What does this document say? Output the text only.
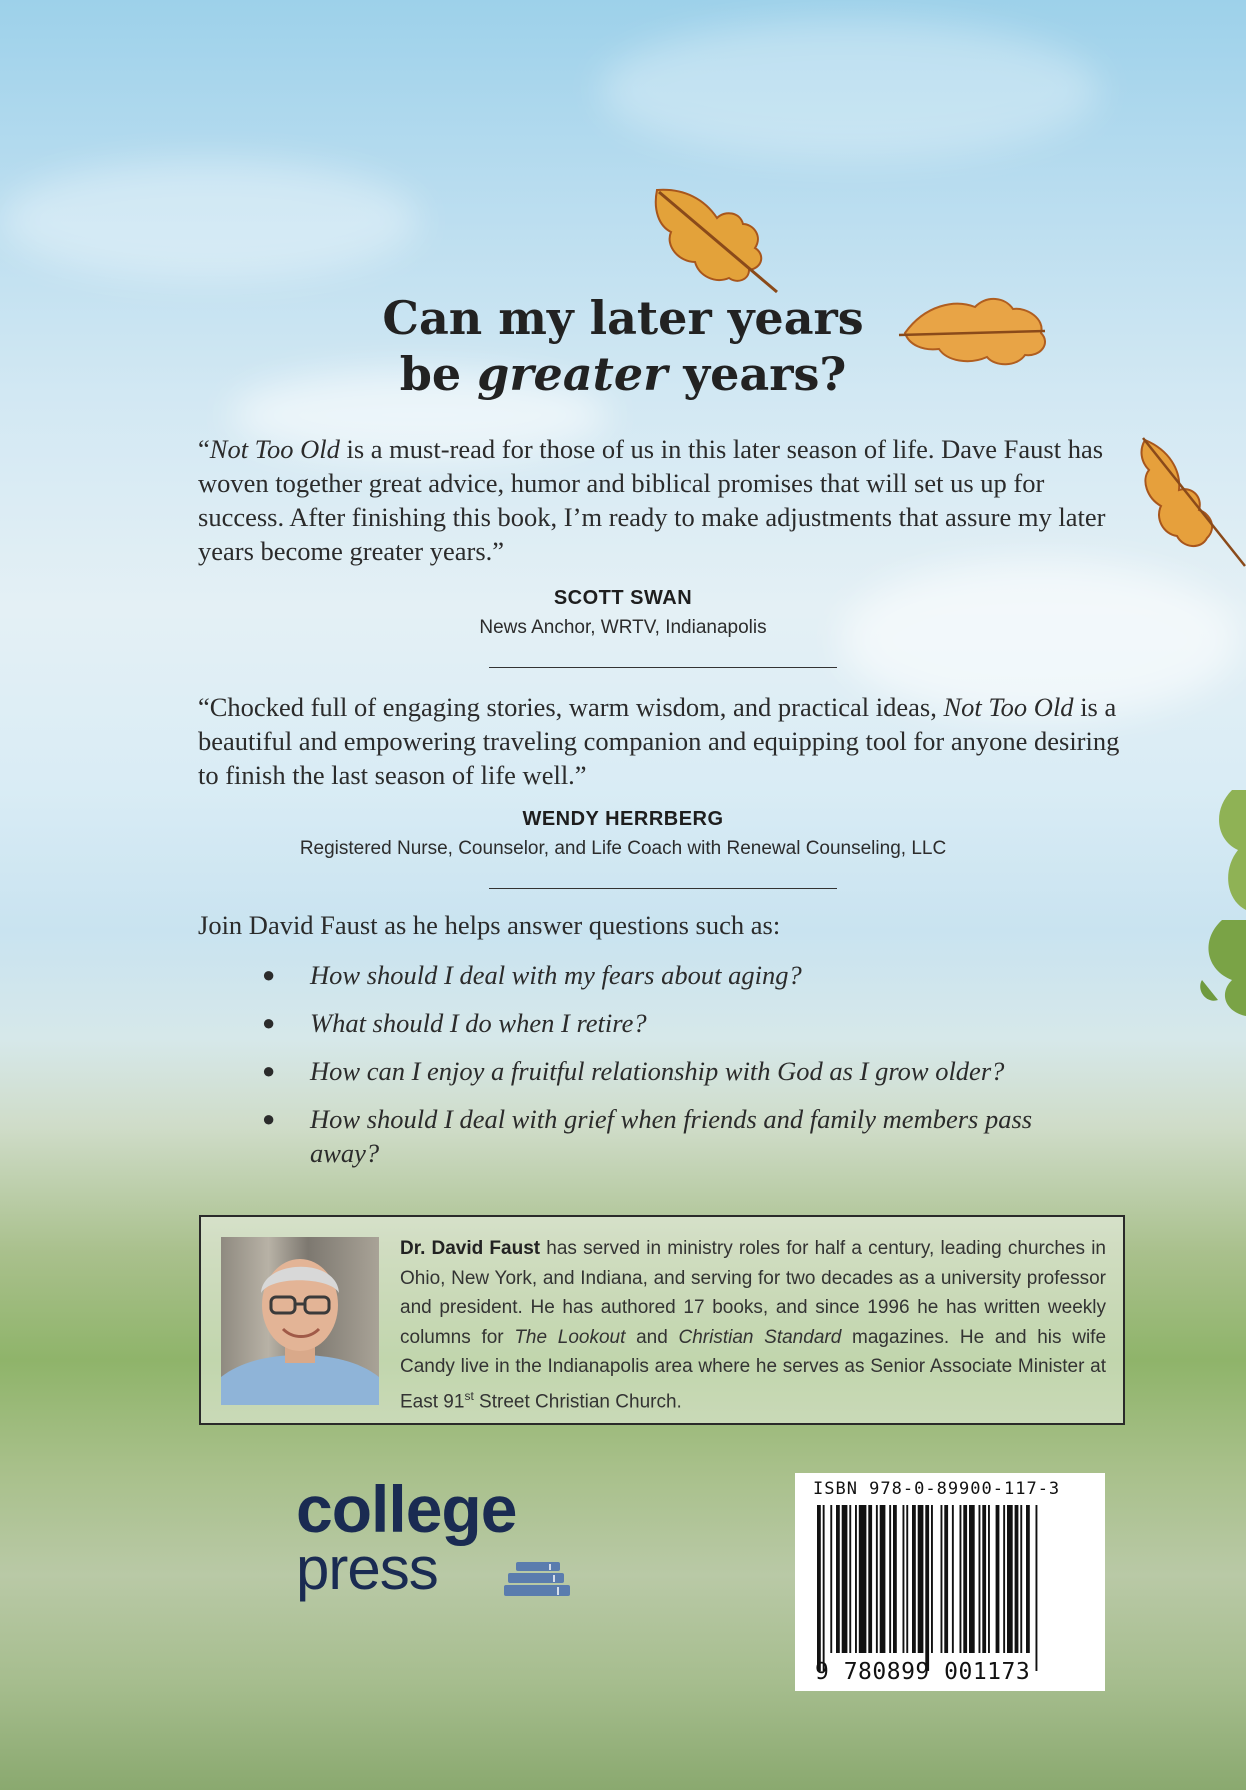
Can my later years
be greater years?
“Not Too Old is a must-read for those of us in this later season of life. Dave Faust has woven together great advice, humor and biblical promises that will set us up for success. After finishing this book, I’m ready to make adjustments that assure my later years become greater years.”
SCOTT SWAN
News Anchor, WRTV, Indianapolis
“Chocked full of engaging stories, warm wisdom, and practical ideas, Not Too Old is a beautiful and empowering traveling companion and equipping tool for anyone desiring to finish the last season of life well.”
WENDY HERRBERG
Registered Nurse, Counselor, and Life Coach with Renewal Counseling, LLC
Join David Faust as he helps answer questions such as:
● How should I deal with my fears about aging?
● What should I do when I retire?
● How can I enjoy a fruitful relationship with God as I grow older?
● How should I deal with grief when friends and family members pass away?
Dr. David Faust has served in ministry roles for half a century, leading churches in Ohio, New York, and Indiana, and serving for two decades as a university professor and president. He has authored 17 books, and since 1996 he has written weekly columns for The Lookout and Christian Standard magazines. He and his wife Candy live in the Indianapolis area where he serves as Senior Associate Minister at East 91st Street Christian Church.
college
press
ISBN 978-0-89900-117-3
9 780899 001173
